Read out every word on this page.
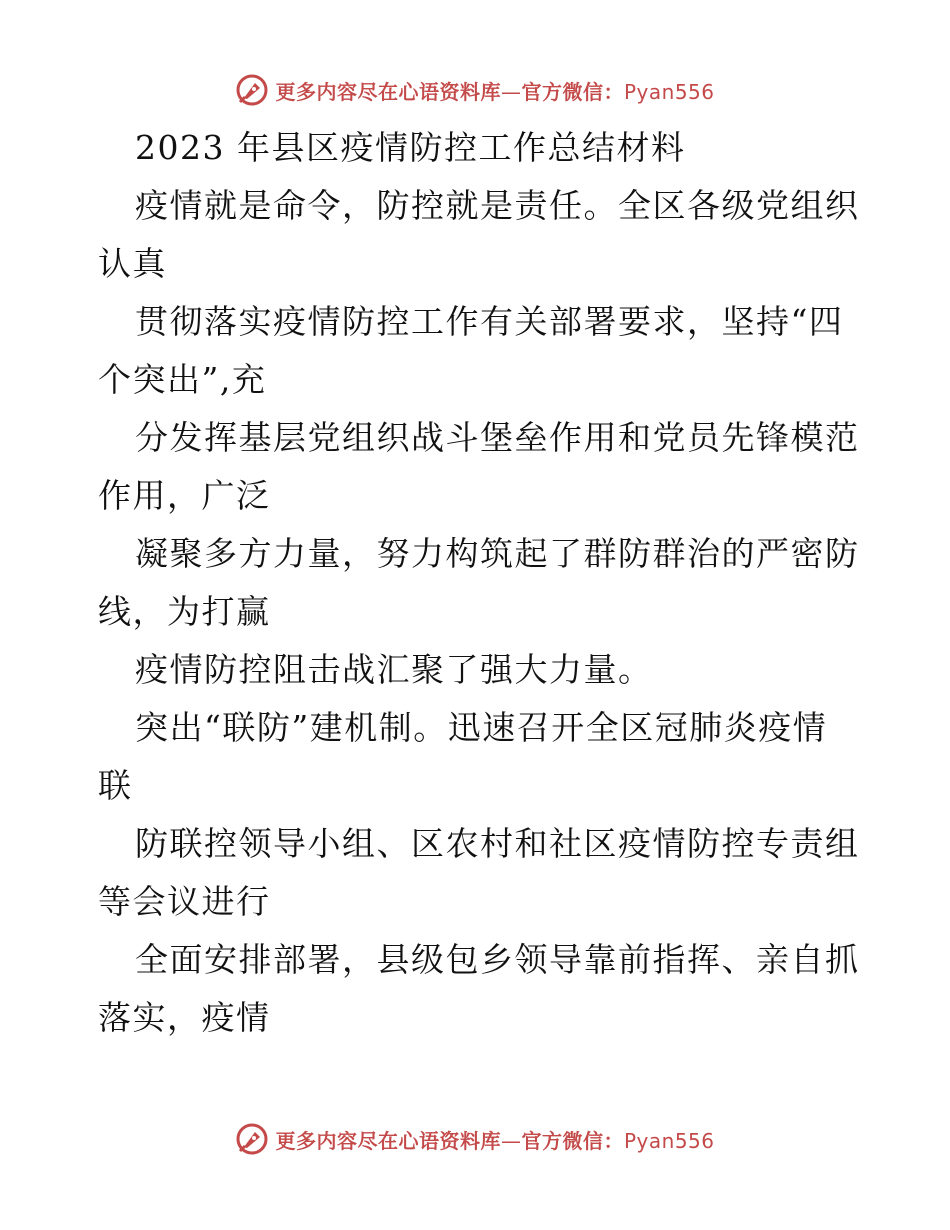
更多内容尽在心语资料库—官方微信：Pyan556
2023 年县区疫情防控工作总结材料
疫情就是命令，防控就是责任。全区各级党组织
认真
贯彻落实疫情防控工作有关部署要求，坚持“四
个突出”,充
分发挥基层党组织战斗堡垒作用和党员先锋模范
作用，广泛
凝聚多方力量，努力构筑起了群防群治的严密防
线，为打赢
疫情防控阻击战汇聚了强大力量。
突出“联防”建机制。迅速召开全区冠肺炎疫情
联
防联控领导小组、区农村和社区疫情防控专责组
等会议进行
全面安排部署，县级包乡领导靠前指挥、亲自抓
落实，疫情
更多内容尽在心语资料库—官方微信：Pyan556
